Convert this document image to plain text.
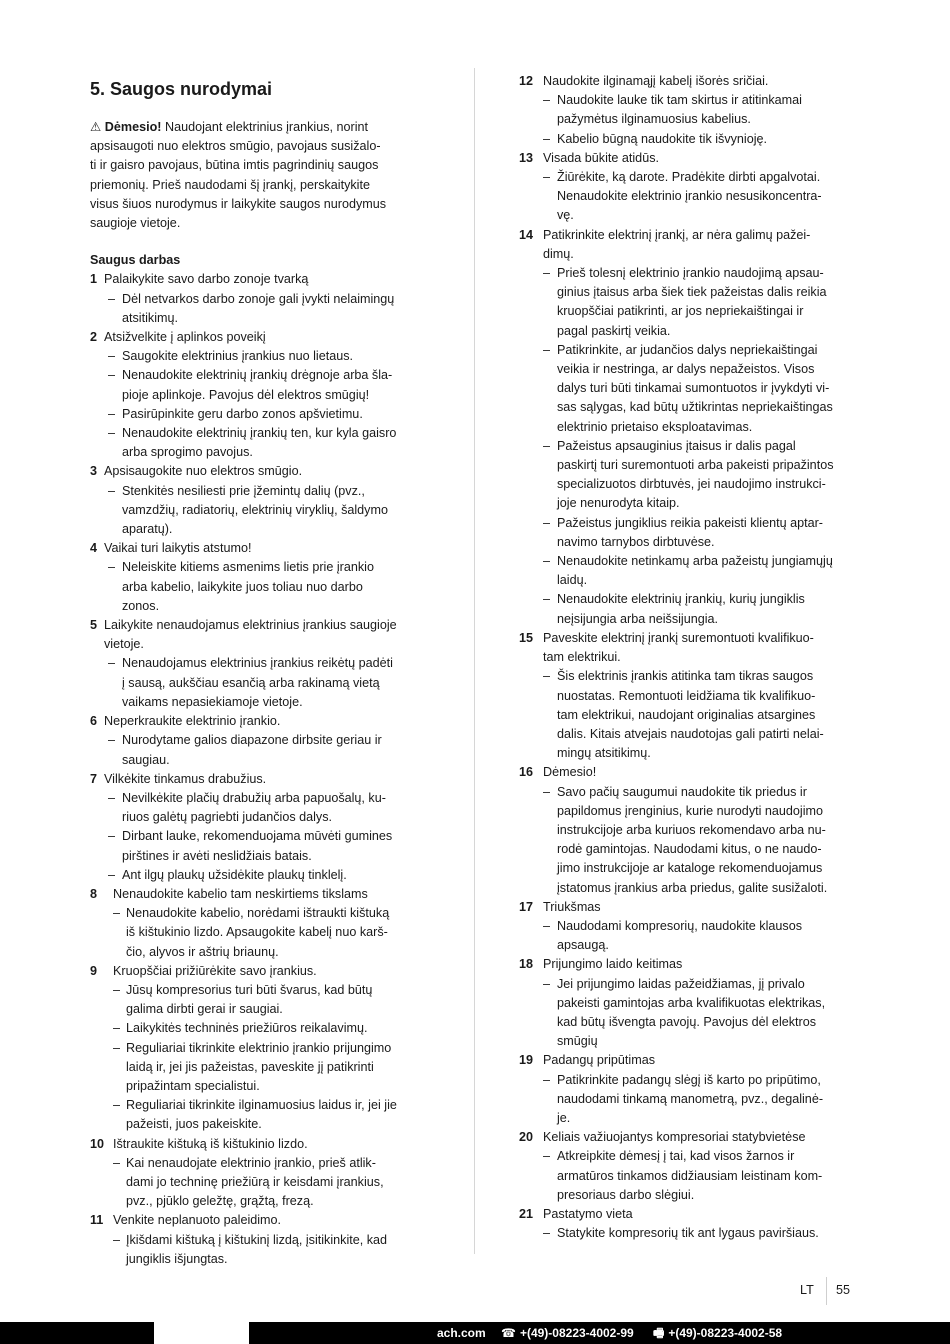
5. Saugos nurodymai
⚠ Dėmesio! Naudojant elektrinius įrankius, norint
apsisaugoti nuo elektros smūgio, pavojaus susižalo-
ti ir gaisro pavojaus, būtina imtis pagrindinių saugos
priemonių. Prieš naudodami šį įrankį, perskaitykite
visus šiuos nurodymus ir laikykite saugos nurodymus
saugioje vietoje.
Saugus darbas
1 Palaikykite savo darbo zonoje tvarką
– Dėl netvarkos darbo zonoje gali įvykti nelaimingų
atsitikimų.
2 Atsižvelkite į aplinkos poveikį
– Saugokite elektrinius įrankius nuo lietaus.
– Nenaudokite elektrinių įrankių drėgnoje arba šla-
pioje aplinkoje. Pavojus dėl elektros smūgių!
– Pasirūpinkite geru darbo zonos apšvietimu.
– Nenaudokite elektrinių įrankių ten, kur kyla gaisro
arba sprogimo pavojus.
3 Apsisaugokite nuo elektros smūgio.
– Stenkitės nesiliesti prie įžemintų dalių (pvz.,
vamzdžių, radiatorių, elektrinių viryklių, šaldymo
aparatų).
4 Vaikai turi laikytis atstumo!
– Neleiskite kitiems asmenims lietis prie įrankio
arba kabelio, laikykite juos toliau nuo darbo
zonos.
5 Laikykite nenaudojamus elektrinius įrankius saugioje
vietoje.
– Nenaudojamus elektrinius įrankius reikėtų padėti
į sausą, aukščiau esančią arba rakinamą vietą
vaikams nepasiekiamoje vietoje.
6 Neperkraukite elektrinio įrankio.
– Nurodytame galios diapazone dirbsite geriau ir
saugiau.
7 Vilkėkite tinkamus drabužius.
– Nevilkėkite plačių drabužių arba papuošalų, ku-
riuos galėtų pagriebti judančios dalys.
– Dirbant lauke, rekomenduojama mūvėti gumines
pirštines ir avėti neslidžiais batais.
– Ant ilgų plaukų užsidėkite plaukų tinklelį.
8 Nenaudokite kabelio tam neskirtiems tikslams
– Nenaudokite kabelio, norėdami ištraukti kištuką
iš kištukinio lizdo. Apsaugokite kabelį nuo karš-
čio, alyvos ir aštrių briaunų.
9 Kruopščiai prižiūrėkite savo įrankius.
– Jūsų kompresorius turi būti švarus, kad būtų
galima dirbti gerai ir saugiai.
– Laikykitės techninės priežiūros reikalavimų.
– Reguliariai tikrinkite elektrinio įrankio prijungimo
laidą ir, jei jis pažeistas, paveskite jį patikrinti
pripažintam specialistui.
– Reguliariai tikrinkite ilginamuosius laidus ir, jei jie
pažeisti, juos pakeiskite.
10 Ištraukite kištuką iš kištukinio lizdo.
– Kai nenaudojate elektrinio įrankio, prieš atlik-
dami jo techninę priežiūrą ir keisdami įrankius,
pvz., pjūklo geležtę, grąžtą, frezą.
11 Venkite neplanuoto paleidimo.
– Įkišdami kištuką į kištukinį lizdą, įsitikinkite, kad
jungiklis išjungtas.
12 Naudokite ilginamąjį kabelį išorės sričiai.
– Naudokite lauke tik tam skirtus ir atitinkamai
pažymėtus ilginamuosius kabelius.
– Kabelio būgną naudokite tik išvynioję.
13 Visada būkite atidūs.
– Žiūrėkite, ką darote. Pradėkite dirbti apgalvotai.
Nenaudokite elektrinio įrankio nesusikoncentra-
vę.
14 Patikrinkite elektrinį įrankį, ar nėra galimų pažei-
dimų.
– Prieš tolesnį elektrinio įrankio naudojimą apsau-
ginius įtaisus arba šiek tiek pažeistas dalis reikia
kruopščiai patikrinti, ar jos nepriekaištingai ir
pagal paskirtį veikia.
– Patikrinkite, ar judančios dalys nepriekaištingai
veikia ir nestringa, ar dalys nepažeistos. Visos
dalys turi būti tinkamai sumontuotos ir įvykdyti vi-
sas sąlygas, kad būtų užtikrintas nepriekaištingas
elektrinio prietaiso eksploatavimas.
– Pažeistus apsauginius įtaisus ir dalis pagal
paskirtį turi suremontuoti arba pakeisti pripažintos
specializuotos dirbtuvės, jei naudojimo instrukci-
joje nenurodyta kitaip.
– Pažeistus jungiklius reikia pakeisti klientų aptar-
navimo tarnybos dirbtuvėse.
– Nenaudokite netinkamų arba pažeistų jungiamųjų
laidų.
– Nenaudokite elektrinių įrankių, kurių jungiklis
neįsijungia arba neišsijungia.
15 Paveskite elektrinį įrankį suremontuoti kvalifikuo-
tam elektrikui.
– Šis elektrinis įrankis atitinka tam tikras saugos
nuostatas. Remontuoti leidžiama tik kvalifikuo-
tam elektrikui, naudojant originalias atsargines
dalis. Kitais atvejais naudotojas gali patirti nelai-
mingų atsitikimų.
16 Dėmesio!
– Savo pačių saugumui naudokite tik priedus ir
papildomus įrenginius, kurie nurodyti naudojimo
instrukcijoje arba kuriuos rekomendavo arba nu-
rodė gamintojas. Naudodami kitus, o ne naudo-
jimo instrukcijoje ar kataloge rekomenduojamus
įstatomus įrankius arba priedus, galite susižaloti.
17 Triukšmas
– Naudodami kompresorių, naudokite klausos
apsaugą.
18 Prijungimo laido keitimas
– Jei prijungimo laidas pažeidžiamas, jį privalo
pakeisti gamintojas arba kvalifikuotas elektrikas,
kad būtų išvengta pavojų. Pavojus dėl elektros
smūgių
19 Padangų pripūtimas
– Patikrinkite padangų slėgį iš karto po pripūtimo,
naudodami tinkamą manometrą, pvz., degalinė-
je.
20 Keliais važiuojantys kompresoriai statybvietėse
– Atkreipkite dėmesį į tai, kad visos žarnos ir
armatūros tinkamos didžiausiam leistinam kom-
presoriaus darbo slėgiui.
21 Pastatymo vieta
– Statykite kompresorių tik ant lygaus paviršiaus.
LT 55
ach.com ☎ +(49)-08223-4002-99 🖷 +(49)-08223-4002-58
